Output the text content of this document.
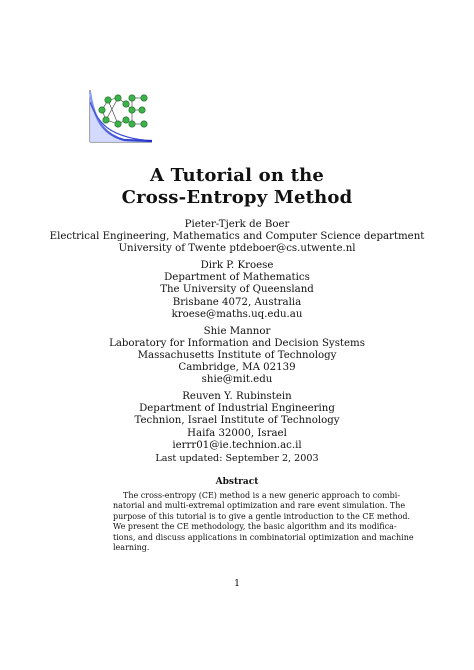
A Tutorial on the
Cross-Entropy Method
Pieter-Tjerk de Boer
Electrical Engineering, Mathematics and Computer Science department
University of Twente ptdeboer@cs.utwente.nl
Dirk P. Kroese
Department of Mathematics
The University of Queensland
Brisbane 4072, Australia
kroese@maths.uq.edu.au
Shie Mannor
Laboratory for Information and Decision Systems
Massachusetts Institute of Technology
Cambridge, MA 02139
shie@mit.edu
Reuven Y. Rubinstein
Department of Industrial Engineering
Technion, Israel Institute of Technology
Haifa 32000, Israel
ierrr01@ie.technion.ac.il
Last updated: September 2, 2003
Abstract
The cross-entropy (CE) method is a new generic approach to combi-
natorial and multi-extremal optimization and rare event simulation. The
purpose of this tutorial is to give a gentle introduction to the CE method.
We present the CE methodology, the basic algorithm and its modifica-
tions, and discuss applications in combinatorial optimization and machine
learning.
1
